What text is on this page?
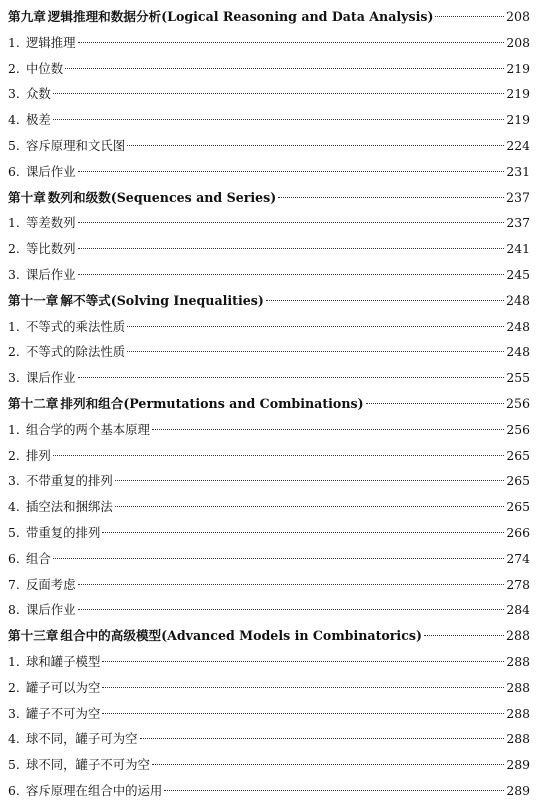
第九章 逻辑推理和数据分析(Logical Reasoning and Data Analysis)	208
1. 逻辑推理	208
2. 中位数	219
3. 众数	219
4. 极差	219
5. 容斥原理和文氏图	224
6. 课后作业	231
第十章 数列和级数(Sequences and Series)	237
1. 等差数列	237
2. 等比数列	241
3. 课后作业	245
第十一章 解不等式(Solving Inequalities)	248
1. 不等式的乘法性质	248
2. 不等式的除法性质	248
3. 课后作业	255
第十二章 排列和组合(Permutations and Combinations)	256
1. 组合学的两个基本原理	256
2. 排列	265
3. 不带重复的排列	265
4. 插空法和捆绑法	265
5. 带重复的排列	266
6. 组合	274
7. 反面考虑	278
8. 课后作业	284
第十三章 组合中的高级模型(Advanced Models in Combinatorics)	288
1. 球和罐子模型	288
2. 罐子可以为空	288
3. 罐子不可为空	288
4. 球不同，罐子可为空	288
5. 球不同，罐子不可为空	289
6. 容斥原理在组合中的运用	289
